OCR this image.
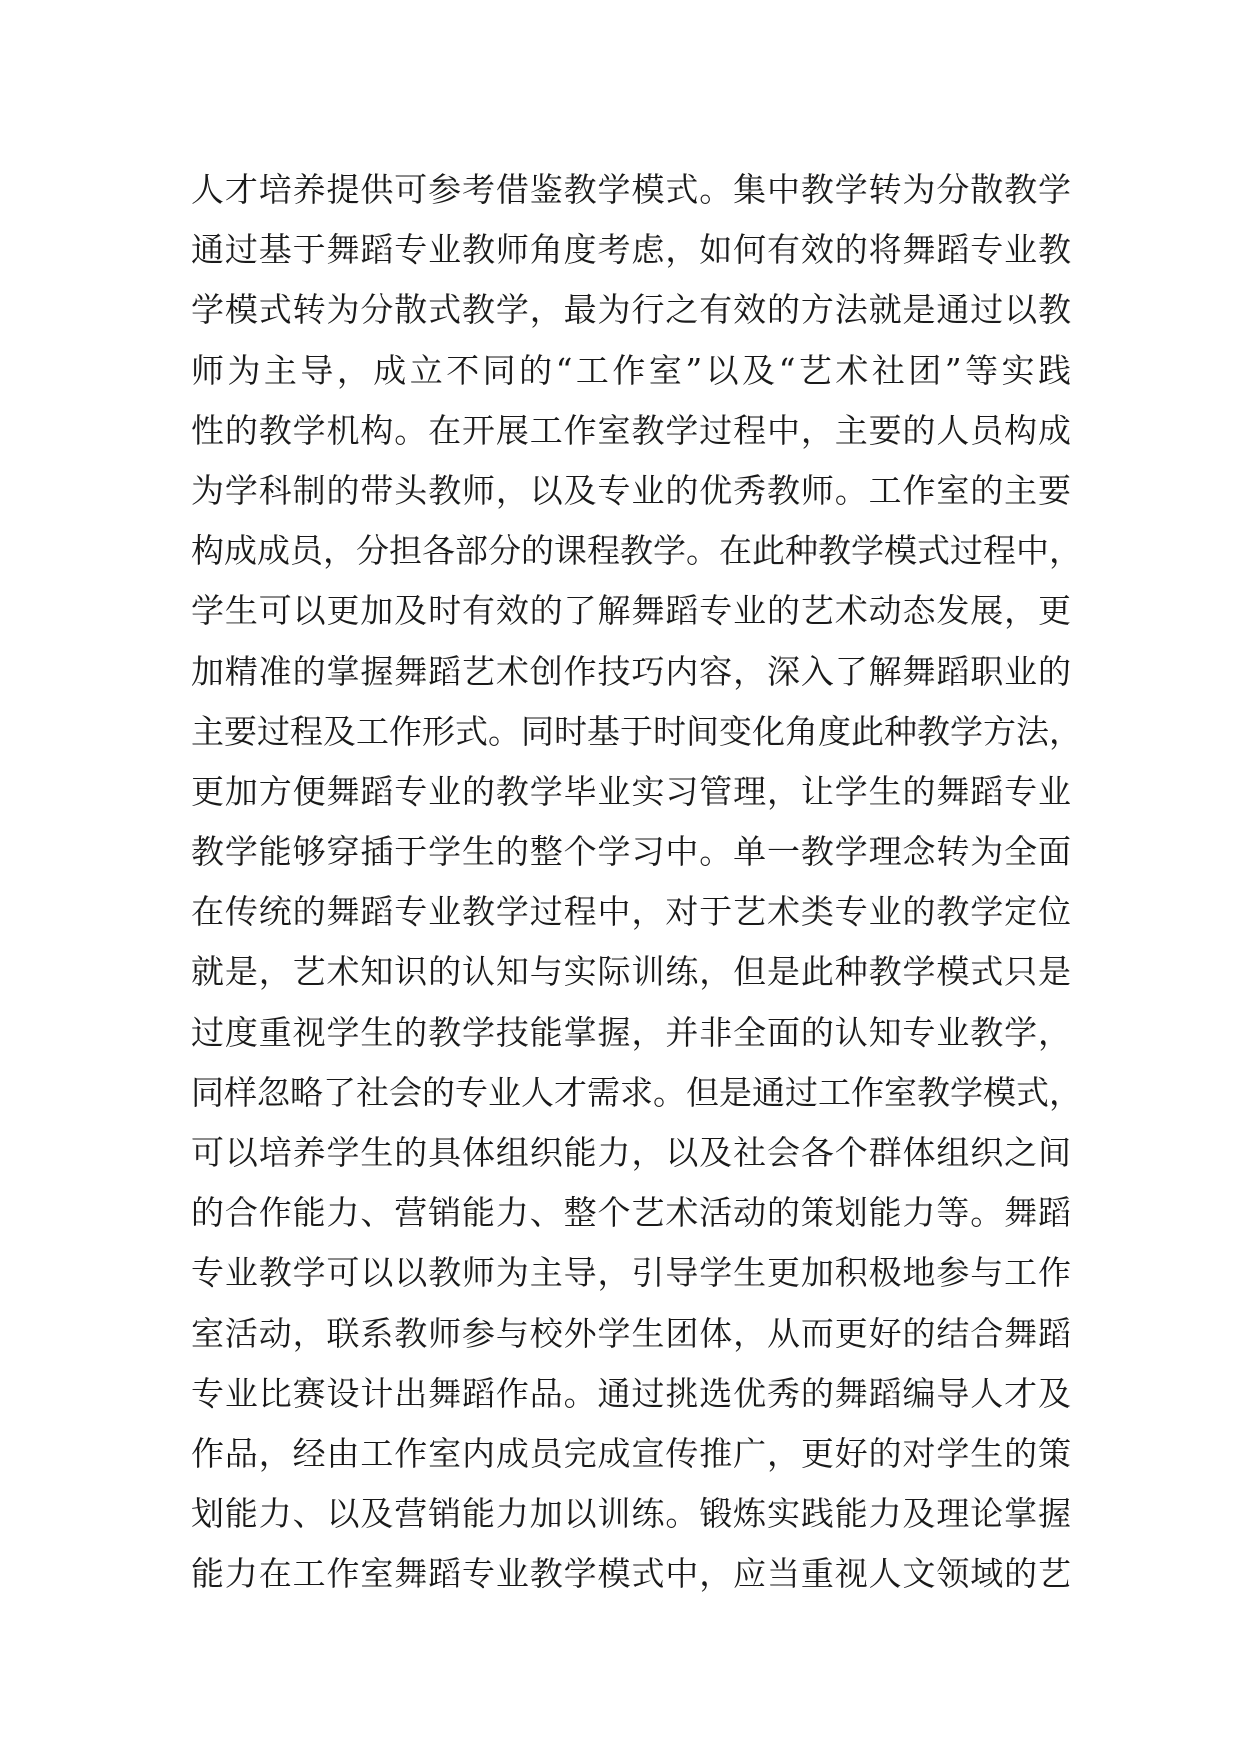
人才培养提供可参考借鉴教学模式。集中教学转为分散教学
通过基于舞蹈专业教师角度考虑，如何有效的将舞蹈专业教
学模式转为分散式教学，最为行之有效的方法就是通过以教
师为主导，成立不同的“工作室”以及“艺术社团”等实践
性的教学机构。在开展工作室教学过程中，主要的人员构成
为学科制的带头教师，以及专业的优秀教师。工作室的主要
构成成员，分担各部分的课程教学。在此种教学模式过程中，
学生可以更加及时有效的了解舞蹈专业的艺术动态发展，更
加精准的掌握舞蹈艺术创作技巧内容，深入了解舞蹈职业的
主要过程及工作形式。同时基于时间变化角度此种教学方法，
更加方便舞蹈专业的教学毕业实习管理，让学生的舞蹈专业
教学能够穿插于学生的整个学习中。单一教学理念转为全面
在传统的舞蹈专业教学过程中，对于艺术类专业的教学定位
就是，艺术知识的认知与实际训练，但是此种教学模式只是
过度重视学生的教学技能掌握，并非全面的认知专业教学，
同样忽略了社会的专业人才需求。但是通过工作室教学模式，
可以培养学生的具体组织能力，以及社会各个群体组织之间
的合作能力、营销能力、整个艺术活动的策划能力等。舞蹈
专业教学可以以教师为主导，引导学生更加积极地参与工作
室活动，联系教师参与校外学生团体，从而更好的结合舞蹈
专业比赛设计出舞蹈作品。通过挑选优秀的舞蹈编导人才及
作品，经由工作室内成员完成宣传推广，更好的对学生的策
划能力、以及营销能力加以训练。锻炼实践能力及理论掌握
能力在工作室舞蹈专业教学模式中，应当重视人文领域的艺
